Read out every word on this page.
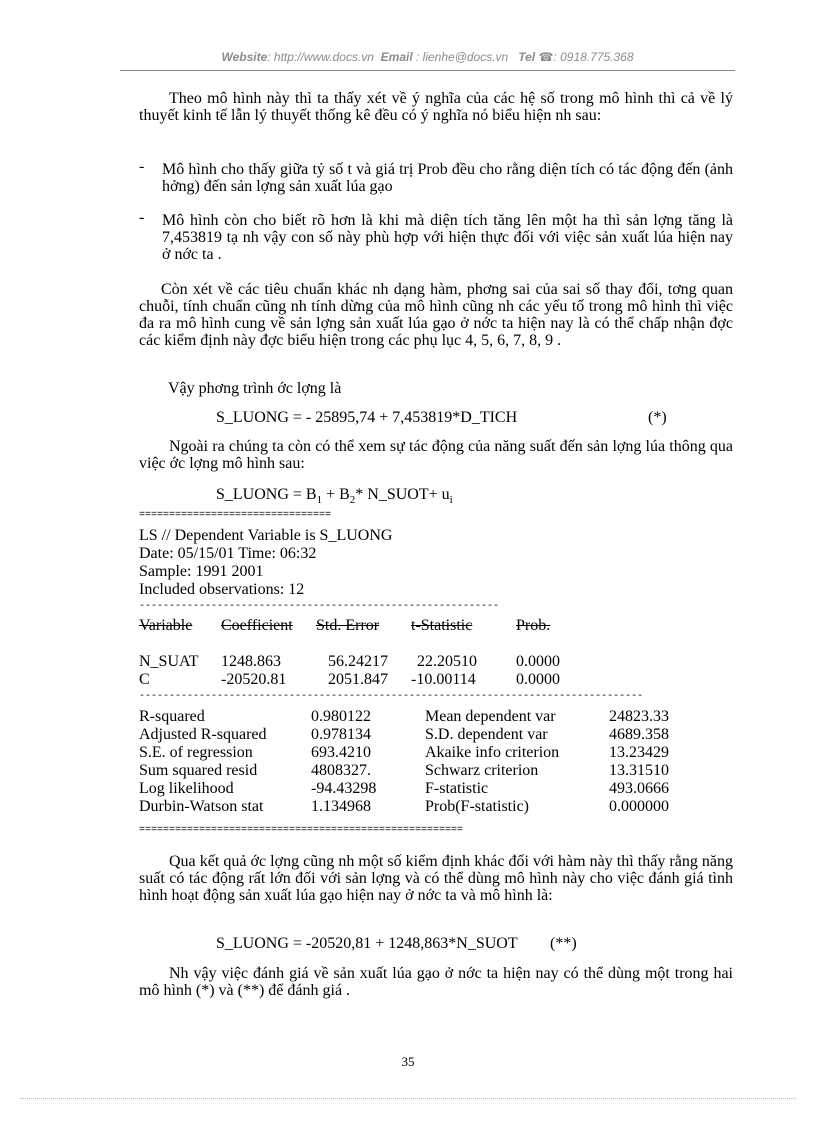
Website: http://www.docs.vn Email : lienhe@docs.vn Tel ☎: 0918.775.368

Theo mô hình này thì ta thấy xét về ý nghĩa của các hệ số trong mô hình thì cả về lý thuyết kinh tế lẫn lý thuyết thống kê đều có ý nghĩa nó biểu hiện nh sau:

- Mô hình cho thấy giữa tỷ số t và giá trị Prob đều cho rằng diện tích có tác động đến (ảnh hởng) đến sản lợng sản xuất lúa gạo
- Mô hình còn cho biết rõ hơn là khi mà diện tích tăng lên một ha thì sản lợng tăng là 7,453819 tạ nh vậy con số này phù hợp với hiện thực đối với việc sản xuất lúa hiện nay ở nớc ta .

Còn xét về các tiêu chuẩn khác nh dạng hàm, phơng sai của sai số thay đổi, tơng quan chuỗi, tính chuẩn cũng nh tính dừng của mô hình cũng nh các yếu tố trong mô hình thì việc đa ra mô hình cung về sản lợng sản xuất lúa gạo ở nớc ta hiện nay là có thể chấp nhận đợc các kiểm định này đợc biểu hiện trong các phụ lục 4, 5, 6, 7, 8, 9 .

Vậy phơng trình ớc lợng là
S_LUONG = - 25895,74 + 7,453819*D_TICH	(*)

Ngoài ra chúng ta còn có thể xem sự tác động của năng suất đến sản lợng lúa thông qua việc ớc lợng mô hình sau:

S_LUONG = $B_1 + B_2*$ N_SUOT+ $u_i$
================================
LS // Dependent Variable is S_LUONG
Date: 05/15/01 Time: 06:32
Sample: 1991 2001
Included observations: 12
------------------------------------------------------------
Variable	Coefficient	Std. Error	t-Statistic	Prob.

N_SUAT	1248.863	56.24217	22.20510	0.0000
C	-20520.81	2051.847	-10.00114	0.0000
------------------------------------------------------------------------------------
R-squared	0.980122	Mean dependent var	24823.33
Adjusted R-squared	0.978134	S.D. dependent var	4689.358
S.E. of regression	693.4210	Akaike info criterion	13.23429
Sum squared resid	4808327.	Schwarz criterion	13.31510
Log likelihood	-94.43298	F-statistic	493.0666
Durbin-Watson stat	1.134968	Prob(F-statistic)	0.000000
======================================================

Qua kết quả ớc lợng cũng nh một số kiểm định khác đối với hàm này thì thấy rằng năng suất có tác động rất lớn đối với sản lợng và có thể dùng mô hình này cho việc đánh giá tình hình hoạt động sản xuất lúa gạo hiện nay ở nớc ta và mô hình là:

S_LUONG = -20520,81 + 1248,863*N_SUOT (**)

Nh vậy việc đánh giá về sản xuất lúa gạo ở nớc ta hiện nay có thể dùng một trong hai mô hình (*) và (**) để đánh giá .

35
